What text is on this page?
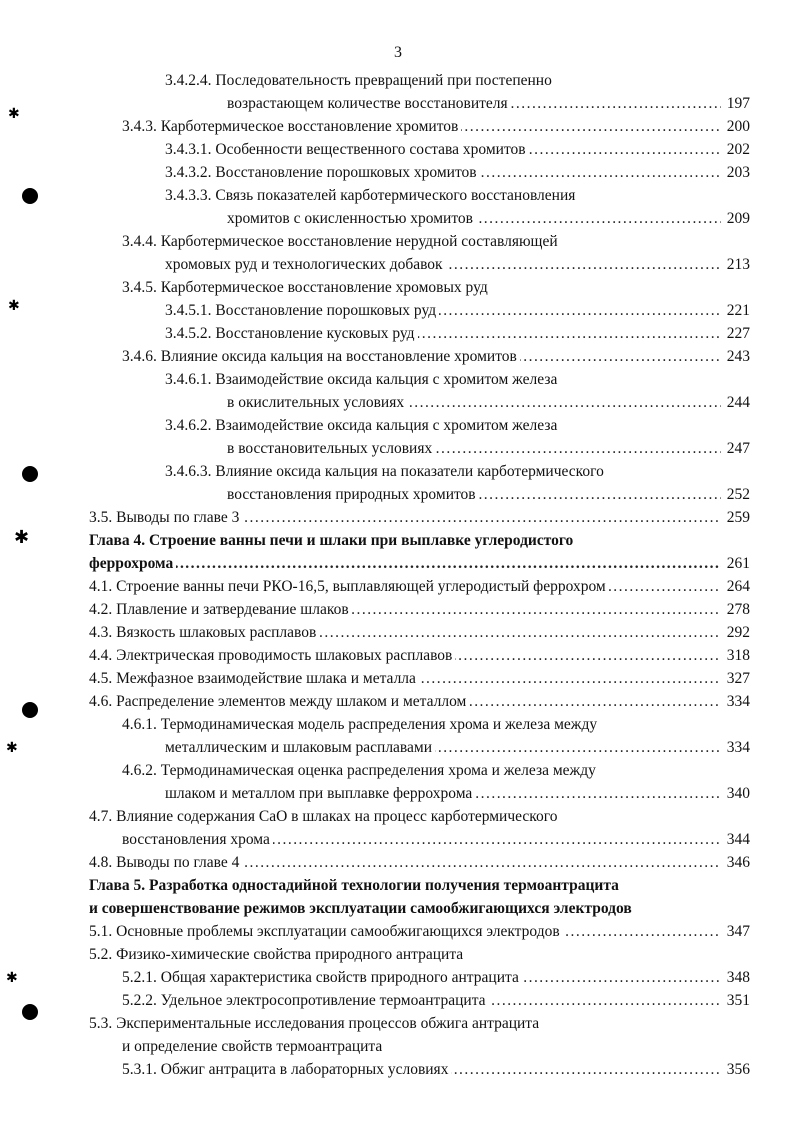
3
3.4.2.4. Последовательность превращений при постепенно
. . . возрастающем количестве восстановителя	197
. . . 3.4.3. Карботермическое восстановление хромитов	200
. . . 3.4.3.1. Особенности вещественного состава хромитов	202
. . . 3.4.3.2. Восстановление порошковых хромитов	203
3.4.3.3. Связь показателей карботермического восстановления
. . . хромитов с окисленностью хромитов	209
3.4.4. Карботермическое восстановление нерудной составляющей
. . . хромовых руд и технологических добавок	213
3.4.5. Карботермическое восстановление хромовых руд
. . . 3.4.5.1. Восстановление порошковых руд	221
. . . 3.4.5.2. Восстановление кусковых руд	227
. . . 3.4.6. Влияние оксида кальция на восстановление хромитов	243
3.4.6.1. Взаимодействие оксида кальция с хромитом железа
. . . в окислительных условиях	244
3.4.6.2. Взаимодействие оксида кальция с хромитом железа
. . . в восстановительных условиях	247
3.4.6.3. Влияние оксида кальция на показатели карботермического
. . . восстановления природных хромитов	252
. . . 3.5. Выводы по главе 3	259
Глава 4. Строение ванны печи и шлаки при выплавке углеродистого
. . . феррохрома	261
. . . 4.1. Строение ванны печи РКО-16,5, выплавляющей углеродистый феррохром	264
. . . 4.2. Плавление и затвердевание шлаков	278
. . . 4.3. Вязкость шлаковых расплавов	292
. . . 4.4. Электрическая проводимость шлаковых расплавов	318
. . . 4.5. Межфазное взаимодействие шлака и металла	327
. . . 4.6. Распределение элементов между шлаком и металлом	334
4.6.1. Термодинамическая модель распределения хрома и железа между
. . . металлическим и шлаковым расплавами	334
4.6.2. Термодинамическая оценка распределения хрома и железа между
. . . шлаком и металлом при выплавке феррохрома	340
4.7. Влияние содержания CaO в шлаках на процесс карботермического
. . . восстановления хрома	344
. . . 4.8. Выводы по главе 4	346
Глава 5. Разработка одностадийной технологии получения термоантрацита
и совершенствование режимов эксплуатации самообжигающихся электродов
. . . 5.1. Основные проблемы эксплуатации самообжигающихся электродов	347
5.2. Физико-химические свойства природного антрацита
. . . 5.2.1. Общая характеристика свойств природного антрацита	348
. . . 5.2.2. Удельное электросопротивление термоантрацита	351
5.3. Экспериментальные исследования процессов обжига антрацита
и определение свойств термоантрацита
. . . 5.3.1. Обжиг антрацита в лабораторных условиях	356
✱
✱
✱
✱
✱
